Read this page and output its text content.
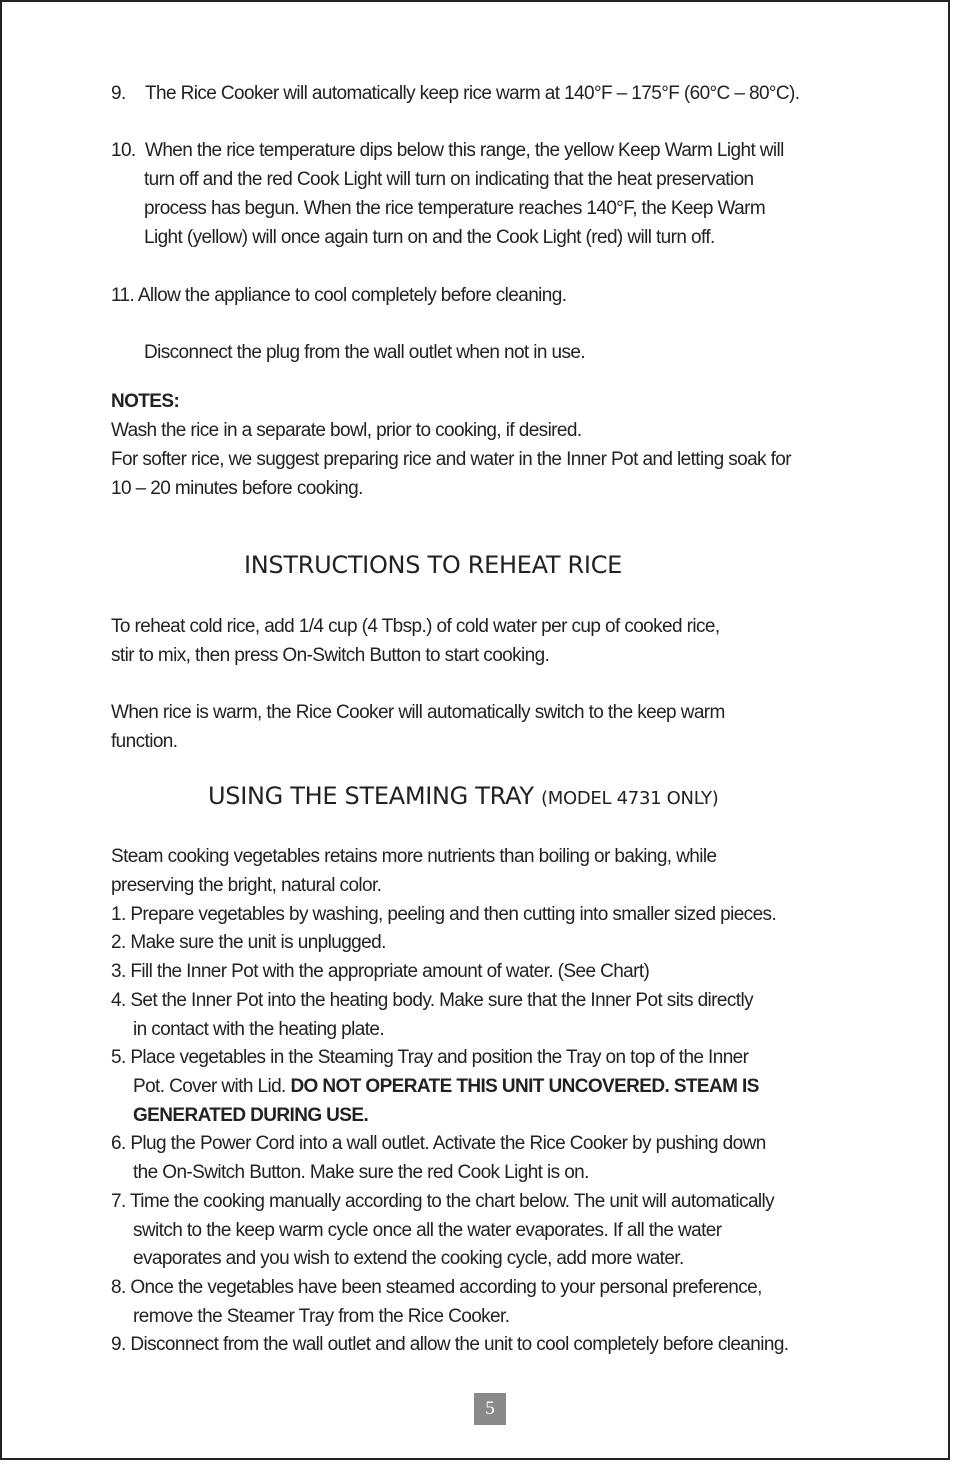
9. The Rice Cooker will automatically keep rice warm at 140°F – 175°F (60°C – 80°C).
10. When the rice temperature dips below this range, the yellow Keep Warm Light will
turn off and the red Cook Light will turn on indicating that the heat preservation
process has begun. When the rice temperature reaches 140°F, the Keep Warm
Light (yellow) will once again turn on and the Cook Light (red) will turn off.
11. Allow the appliance to cool completely before cleaning.
Disconnect the plug from the wall outlet when not in use.
NOTES:
Wash the rice in a separate bowl, prior to cooking, if desired.
For softer rice, we suggest preparing rice and water in the Inner Pot and letting soak for
10 – 20 minutes before cooking.
INSTRUCTIONS TO REHEAT RICE
To reheat cold rice, add 1/4 cup (4 Tbsp.) of cold water per cup of cooked rice,
stir to mix, then press On-Switch Button to start cooking.
When rice is warm, the Rice Cooker will automatically switch to the keep warm
function.
USING THE STEAMING TRAY (MODEL 4731 ONLY)
Steam cooking vegetables retains more nutrients than boiling or baking, while
preserving the bright, natural color.
1. Prepare vegetables by washing, peeling and then cutting into smaller sized pieces.
2. Make sure the unit is unplugged.
3. Fill the Inner Pot with the appropriate amount of water. (See Chart)
4. Set the Inner Pot into the heating body. Make sure that the Inner Pot sits directly
in contact with the heating plate.
5. Place vegetables in the Steaming Tray and position the Tray on top of the Inner
Pot. Cover with Lid. DO NOT OPERATE THIS UNIT UNCOVERED. STEAM IS
GENERATED DURING USE.
6. Plug the Power Cord into a wall outlet. Activate the Rice Cooker by pushing down
the On-Switch Button. Make sure the red Cook Light is on.
7. Time the cooking manually according to the chart below. The unit will automatically
switch to the keep warm cycle once all the water evaporates. If all the water
evaporates and you wish to extend the cooking cycle, add more water.
8. Once the vegetables have been steamed according to your personal preference,
remove the Steamer Tray from the Rice Cooker.
9. Disconnect from the wall outlet and allow the unit to cool completely before cleaning.
5
